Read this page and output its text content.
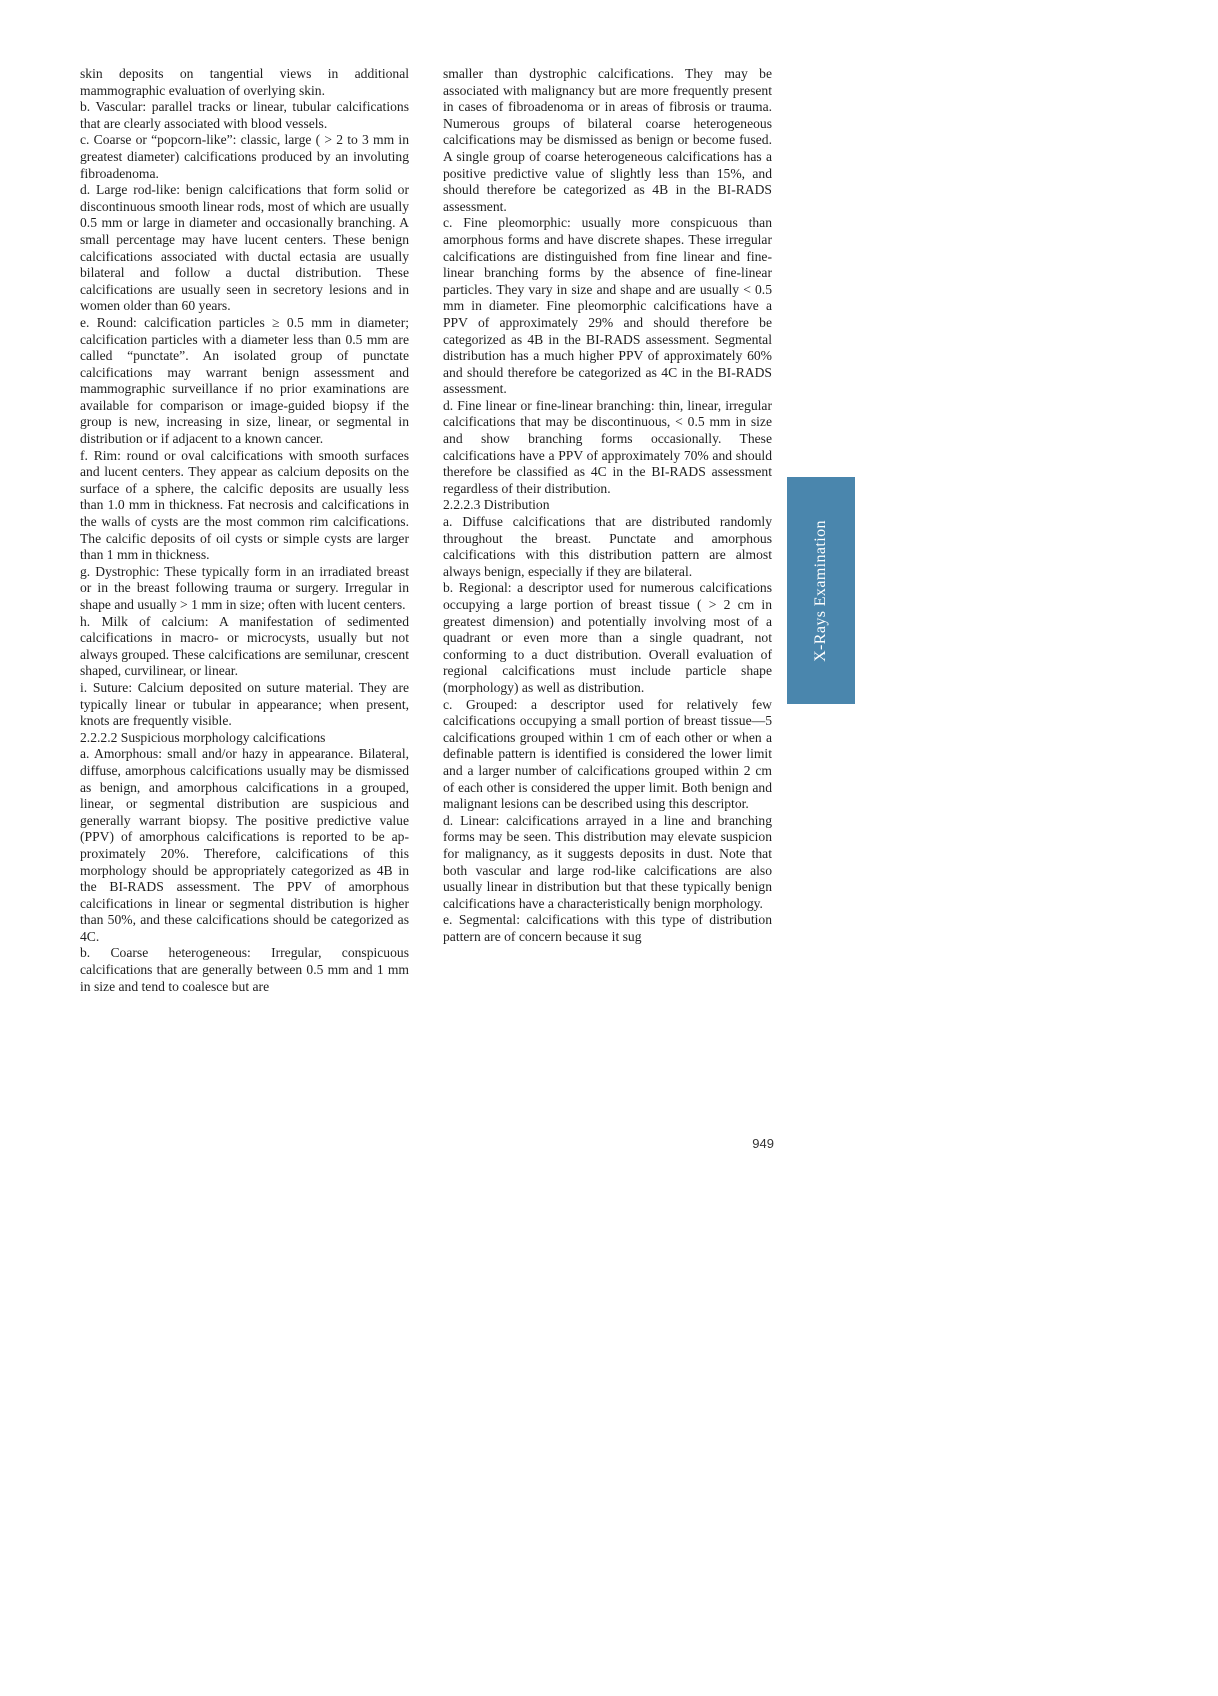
skin deposits on tangential views in additional mammographic evaluation of overlying skin.

b. Vascular: parallel tracks or linear, tubular calcifications that are clearly associated with blood vessels.

c. Coarse or “popcorn-like”: classic, large ( > 2 to 3 mm in greatest diameter) calcifications produced by an involuting fibroadenoma.

d. Large rod-like: benign calcifications that form solid or discontinuous smooth linear rods, most of which are usually 0.5 mm or large in diameter and occasionally branching. A small percentage may have lucent centers. These benign calcifications associated with ductal ectasia are usually bilateral and follow a ductal distribution. These calcifications are usually seen in secretory lesions and in women older than 60 years.

e. Round: calcification particles ≥ 0.5 mm in diameter; calcification particles with a diameter less than 0.5 mm are called “punctate”. An isolated group of punctate calcifications may warrant benign assessment and mammographic surveillance if no prior examinations are available for comparison or image-guided biopsy if the group is new, increasing in size, linear, or segmental in distribution or if adjacent to a known cancer.

f. Rim: round or oval calcifications with smooth surfaces and lucent centers. They appear as calcium deposits on the surface of a sphere, the calcific deposits are usually less than 1.0 mm in thickness. Fat necrosis and calcifications in the walls of cysts are the most common rim calcifications. The calcific deposits of oil cysts or simple cysts are larger than 1 mm in thickness.

g. Dystrophic: These typically form in an irradiated breast or in the breast following trauma or surgery. Irregular in shape and usually > 1 mm in size; often with lucent centers.

h. Milk of calcium: A manifestation of sedimented calcifications in macro- or microcysts, usually but not always grouped. These calcifications are semilunar, crescent shaped, curvilinear, or linear.

i. Suture: Calcium deposited on suture material. They are typically linear or tubular in appearance; when present, knots are frequently visible.

2.2.2.2 Suspicious morphology calcifications

a. Amorphous: small and/or hazy in appearance. Bilateral, diffuse, amorphous calcifications usually may be dismissed as benign, and amorphous calcifications in a grouped, linear, or segmental distribution are suspicious and generally warrant biopsy. The positive predictive value (PPV) of amorphous calcifications is reported to be approximately 20%. Therefore, calcifications of this morphology should be appropriately categorized as 4B in the BI-RADS assessment. The PPV of amorphous calcifications in linear or segmental distribution is higher than 50%, and these calcifications should be categorized as 4C.

b. Coarse heterogeneous: Irregular, conspicuous calcifications that are generally between 0.5 mm and 1 mm in size and tend to coalesce but are

smaller than dystrophic calcifications. They may be associated with malignancy but are more frequently present in cases of fibroadenoma or in areas of fibrosis or trauma. Numerous groups of bilateral coarse heterogeneous calcifications may be dismissed as benign or become fused. A single group of coarse heterogeneous calcifications has a positive predictive value of slightly less than 15%, and should therefore be categorized as 4B in the BI-RADS assessment.

c. Fine pleomorphic: usually more conspicuous than amorphous forms and have discrete shapes. These irregular calcifications are distinguished from fine linear and fine-linear branching forms by the absence of fine-linear particles. They vary in size and shape and are usually < 0.5 mm in diameter. Fine pleomorphic calcifications have a PPV of approximately 29% and should therefore be categorized as 4B in the BI-RADS assessment. Segmental distribution has a much higher PPV of approximately 60% and should therefore be categorized as 4C in the BI-RADS assessment.

d. Fine linear or fine-linear branching: thin, linear, irregular calcifications that may be discontinuous, < 0.5 mm in size and show branching forms occasionally. These calcifications have a PPV of approximately 70% and should therefore be classified as 4C in the BI-RADS assessment regardless of their distribution.

2.2.2.3 Distribution

a. Diffuse calcifications that are distributed randomly throughout the breast. Punctate and amorphous calcifications with this distribution pattern are almost always benign, especially if they are bilateral.

b. Regional: a descriptor used for numerous calcifications occupying a large portion of breast tissue ( > 2 cm in greatest dimension) and potentially involving most of a quadrant or even more than a single quadrant, not conforming to a duct distribution. Overall evaluation of regional calcifications must include particle shape (morphology) as well as distribution.

c. Grouped: a descriptor used for relatively few calcifications occupying a small portion of breast tissue—5 calcifications grouped within 1 cm of each other or when a definable pattern is identified is considered the lower limit and a larger number of calcifications grouped within 2 cm of each other is considered the upper limit. Both benign and malignant lesions can be described using this descriptor.

d. Linear: calcifications arrayed in a line and branching forms may be seen. This distribution may elevate suspicion for malignancy, as it suggests deposits in dust. Note that both vascular and large rod-like calcifications are also usually linear in distribution but that these typically benign calcifications have a characteristically benign morphology.

e. Segmental: calcifications with this type of distribution pattern are of concern because it sug

X-Rays Examination
949
